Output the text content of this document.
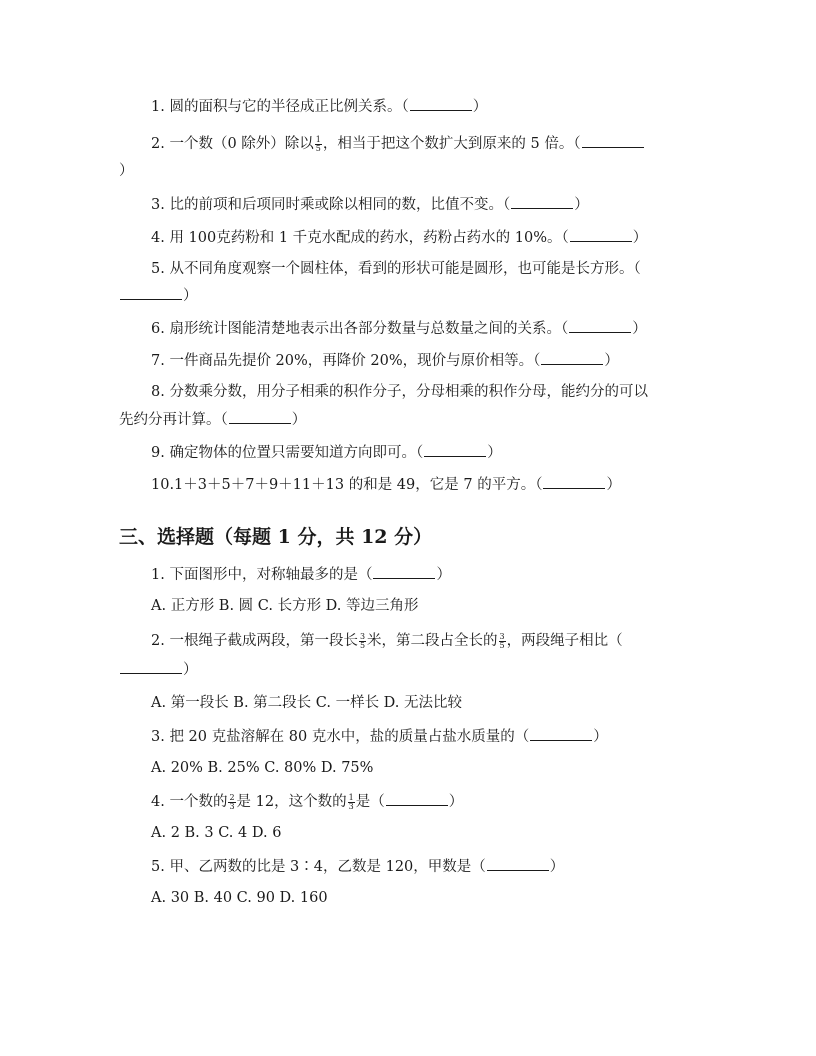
1. 圆的面积与它的半径成正比例关系。（	）
2. 一个数（0 除外）除以 $\frac{1}{5}$ ，相当于把这个数扩大到原来的 5 倍。（
）
3. 比的前项和后项同时乘或除以相同的数，比值不变。（	）
4. 用 100克药粉和 1 千克水配成的药水，药粉占药水的 10%。（	）
5. 从不同角度观察一个圆柱体，看到的形状可能是圆形，也可能是长方形。（
）
6. 扇形统计图能清楚地表示出各部分数量与总数量之间的关系。（	）
7. 一件商品先提价 20%，再降价 20%，现价与原价相等。（	）
8. 分数乘分数，用分子相乘的积作分子，分母相乘的积作分母，能约分的可以
先约分再计算。（	）
9. 确定物体的位置只需要知道方向即可。（	）
10.1＋3＋5＋7＋9＋11＋13 的和是 49，它是 7 的平方。（	）
三、选择题（每题 1 分，共 12 分）
1. 下面图形中，对称轴最多的是（	）
A. 正方形 B. 圆 C. 长方形 D. 等边三角形
2. 一根绳子截成两段，第一段长 $\frac{3}{5}$ 米，第二段占全长的 $\frac{3}{5}$ ，两段绳子相比（
）
A. 第一段长 B. 第二段长 C. 一样长 D. 无法比较
3. 把 20 克盐溶解在 80 克水中，盐的质量占盐水质量的（	）
A. 20% B. 25% C. 80% D. 75%
4. 一个数的 $\frac{2}{3}$ 是 12，这个数的 $\frac{1}{3}$ 是（	）
A. 2 B. 3 C. 4 D. 6
5. 甲、乙两数的比是 3∶4，乙数是 120，甲数是（	）
A. 30 B. 40 C. 90 D. 160
